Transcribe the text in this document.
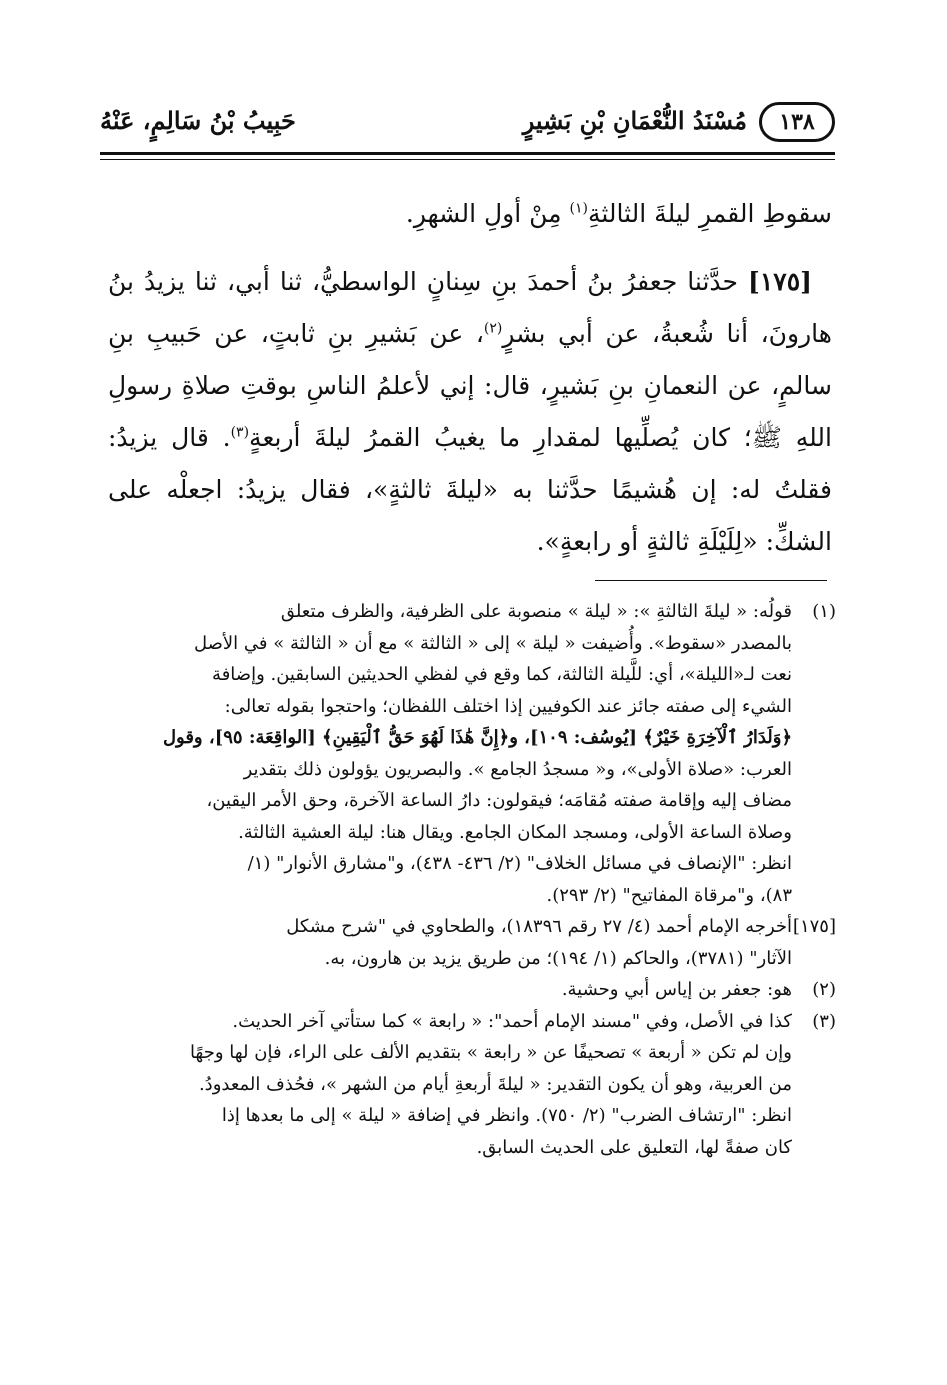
١٣٨
مُسْنَدُ النُّعْمَانِ بْنِ بَشِيرٍ
حَبِيبُ بْنُ سَالِمٍ، عَنْهُ

سقوطِ القمرِ ليلةَ الثالثةِ$^{(١)}$ مِنْ أولِ الشهرِ.

[١٧٥] حدَّثنا جعفرُ بنُ أحمدَ بنِ سِنانٍ الواسطيُّ، ثنا أبي، ثنا يزيدُ بنُ هارونَ، أنا شُعبةُ، عن أبي بشرٍ$^{(٢)}$، عن بَشيرِ بنِ ثابتٍ، عن حَبيبِ بنِ سالمٍ، عن النعمانِ بنِ بَشيرٍ، قال: إني لأعلمُ الناسِ بوقتِ صلاةِ رسولِ اللهِ ﷺ؛ كان يُصلِّيها لمقدارِ ما يغيبُ القمرُ ليلةَ أربعةٍ$^{(٣)}$. قال يزيدُ: فقلتُ له: إن هُشيمًا حدَّثنا به «ليلةَ ثالثةٍ»، فقال يزيدُ: اجعلْه على الشكِّ: «لِلَيْلَةِ ثالثةٍ أو رابعةٍ».

(١)
قولُه: « ليلةَ الثالثةِ »: « ليلة » منصوبة على الظرفية، والظرف متعلق
بالمصدر «سقوط». وأُضيفت « ليلة » إلى « الثالثة » مع أن « الثالثة » في الأصل
نعت لـ«الليلة»، أي: للَّيلة الثالثة، كما وقع في لفظي الحديثين السابقين. وإضافة
الشيء إلى صفته جائز عند الكوفيين إذا اختلف اللفظان؛ واحتجوا بقوله تعالى:
﴿وَلَدَارُ ٱلْآخِرَةِ خَيْرٌ﴾ [يُوسُف: ١٠٩]، و﴿إِنَّ هَٰذَا لَهُوَ حَقُّ ٱلْيَقِينِ﴾ [الواقِعَة: ٩٥]، وقول
العرب: «صلاة الأولى»، و« مسجدُ الجامع ». والبصريون يؤولون ذلك بتقدير
مضاف إليه وإقامة صفته مُقامَه؛ فيقولون: دارُ الساعة الآخرة، وحق الأمر اليقين،
وصلاة الساعة الأولى، ومسجد المكان الجامع. ويقال هنا: ليلة العشية الثالثة.
انظر: "الإنصاف في مسائل الخلاف" (٢/ ٤٣٦- ٤٣٨)، و"مشارق الأنوار" (١/
٨٣)، و"مرقاة المفاتيح" (٢/ ٢٩٣).
[١٧٥]
أخرجه الإمام أحمد (٤/ ٢٧ رقم ١٨٣٩٦)، والطحاوي في "شرح مشكل
الآثار" (٣٧٨١)، والحاكم (١/ ١٩٤)؛ من طريق يزيد بن هارون، به.
(٢)
هو: جعفر بن إياس أبي وحشية.
(٣)
كذا في الأصل، وفي "مسند الإمام أحمد": « رابعة » كما ستأتي آخر الحديث.
وإن لم تكن « أربعة » تصحيفًا عن « رابعة » بتقديم الألف على الراء، فإن لها وجهًا
من العربية، وهو أن يكون التقدير: « ليلةَ أربعةِ أيام من الشهر »، فحُذف المعدودُ.
انظر: "ارتشاف الضرب" (٢/ ٧٥٠). وانظر في إضافة « ليلة » إلى ما بعدها إذا
كان صفةً لها، التعليق على الحديث السابق.
